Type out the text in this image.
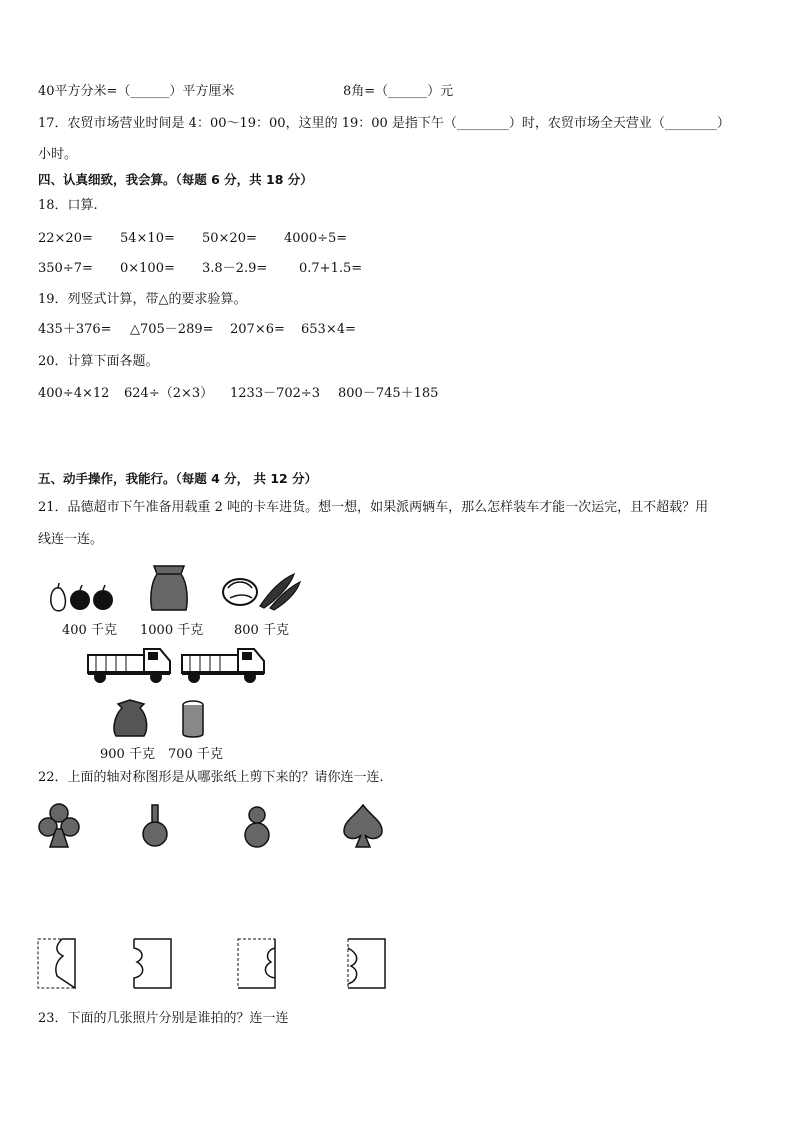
40平方分米=（______）平方厘米	8角=（______）元
17．农贸市场营业时间是 4：00～19：00，这里的 19：00 是指下午（________）时，农贸市场全天营业（________）
小时。
四、认真细致，我会算。（每题 6 分，共 18 分）
18．口算.
22×20= 54×10= 50×20= 4000÷5=
350÷7= 0×100= 3.8－2.9= 0.7+1.5=
19．列竖式计算，带△的要求验算。
435＋376= △705－289= 207×6= 653×4=
20．计算下面各题。
400÷4×12 624÷（2×3） 1233－702÷3 800－745＋185
五、动手操作，我能行。（每题 4 分， 共 12 分）
21．品德超市下午准备用载重 2 吨的卡车进货。想一想，如果派两辆车，那么怎样装车才能一次运完，且不超载？用
线连一连。
400 千克 1000 千克 800 千克
900 千克 700 千克
22．上面的轴对称图形是从哪张纸上剪下来的？请你连一连.
23．下面的几张照片分别是谁拍的？连一连
